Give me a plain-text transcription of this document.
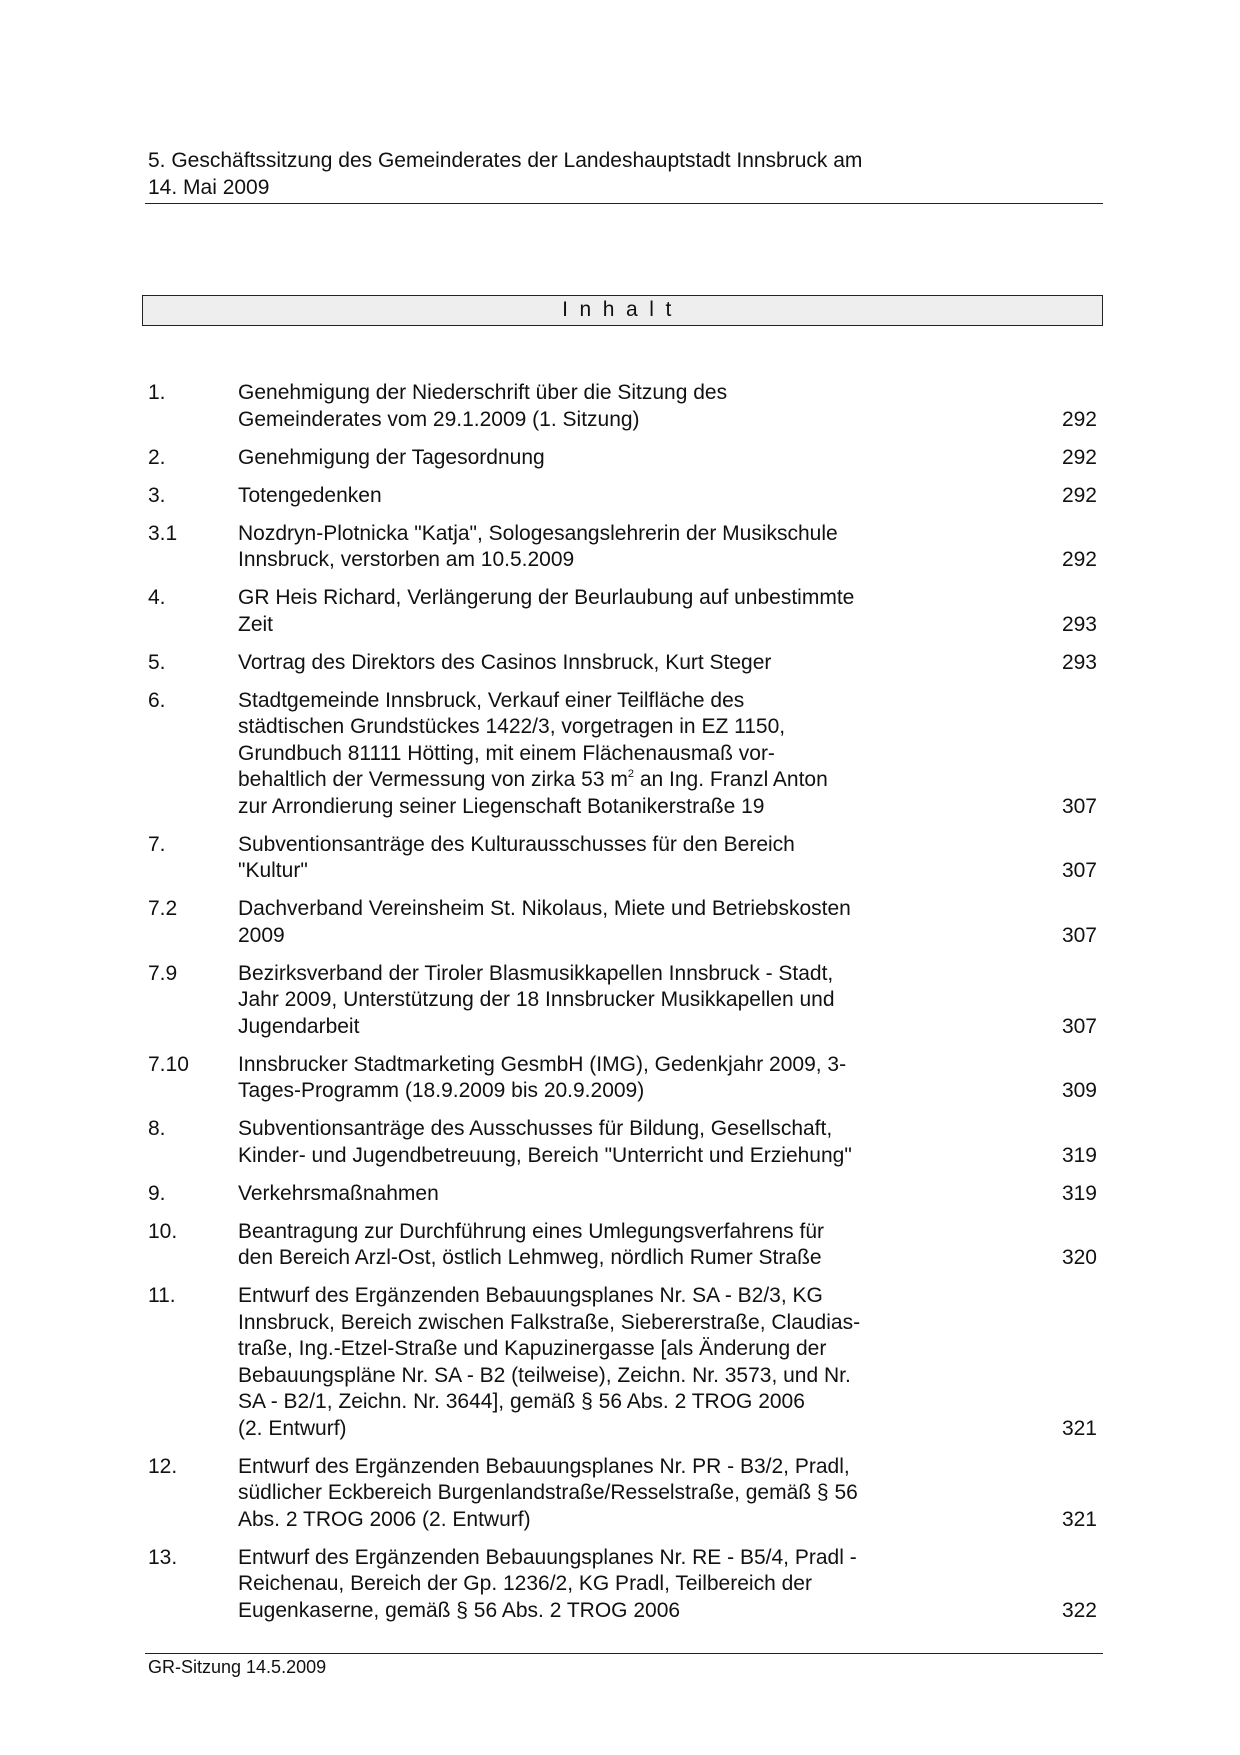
5. Geschäftssitzung des Gemeinderates der Landeshauptstadt Innsbruck am
14. Mai 2009
Inhalt
1.	Genehmigung der Niederschrift über die Sitzung des
Gemeinderates vom 29.1.2009 (1. Sitzung)	292
2.	Genehmigung der Tagesordnung	292
3.	Totengedenken	292
3.1	Nozdryn-Plotnicka "Katja", Sologesangslehrerin der Musikschule
Innsbruck, verstorben am 10.5.2009	292
4.	GR Heis Richard, Verlängerung der Beurlaubung auf unbestimmte
Zeit	293
5.	Vortrag des Direktors des Casinos Innsbruck, Kurt Steger	293
6.	Stadtgemeinde Innsbruck, Verkauf einer Teilfläche des
städtischen Grundstückes 1422/3, vorgetragen in EZ 1150,
Grundbuch 81111 Hötting, mit einem Flächenausmaß vor-
behaltlich der Vermessung von zirka 53 $m^2$ an Ing. Franzl Anton
zur Arrondierung seiner Liegenschaft Botanikerstraße 19	307
7.	Subventionsanträge des Kulturausschusses für den Bereich
"Kultur"	307
7.2	Dachverband Vereinsheim St. Nikolaus, Miete und Betriebskosten
2009	307
7.9	Bezirksverband der Tiroler Blasmusikkapellen Innsbruck - Stadt,
Jahr 2009, Unterstützung der 18 Innsbrucker Musikkapellen und
Jugendarbeit	307
7.10	Innsbrucker Stadtmarketing GesmbH (IMG), Gedenkjahr 2009, 3-
Tages-Programm (18.9.2009 bis 20.9.2009)	309
8.	Subventionsanträge des Ausschusses für Bildung, Gesellschaft,
Kinder- und Jugendbetreuung, Bereich "Unterricht und Erziehung"	319
9.	Verkehrsmaßnahmen	319
10.	Beantragung zur Durchführung eines Umlegungsverfahrens für
den Bereich Arzl-Ost, östlich Lehmweg, nördlich Rumer Straße	320
11.	Entwurf des Ergänzenden Bebauungsplanes Nr. SA - B2/3, KG
Innsbruck, Bereich zwischen Falkstraße, Siebererstraße, Claudias-
traße, Ing.-Etzel-Straße und Kapuzinergasse [als Änderung der
Bebauungspläne Nr. SA - B2 (teilweise), Zeichn. Nr. 3573, und Nr.
SA - B2/1, Zeichn. Nr. 3644], gemäß § 56 Abs. 2 TROG 2006
(2. Entwurf)	321
12.	Entwurf des Ergänzenden Bebauungsplanes Nr. PR - B3/2, Pradl,
südlicher Eckbereich Burgenlandstraße/Resselstraße, gemäß § 56
Abs. 2 TROG 2006 (2. Entwurf)	321
13.	Entwurf des Ergänzenden Bebauungsplanes Nr. RE - B5/4, Pradl -
Reichenau, Bereich der Gp. 1236/2, KG Pradl, Teilbereich der
Eugenkaserne, gemäß § 56 Abs. 2 TROG 2006	322
GR-Sitzung 14.5.2009
